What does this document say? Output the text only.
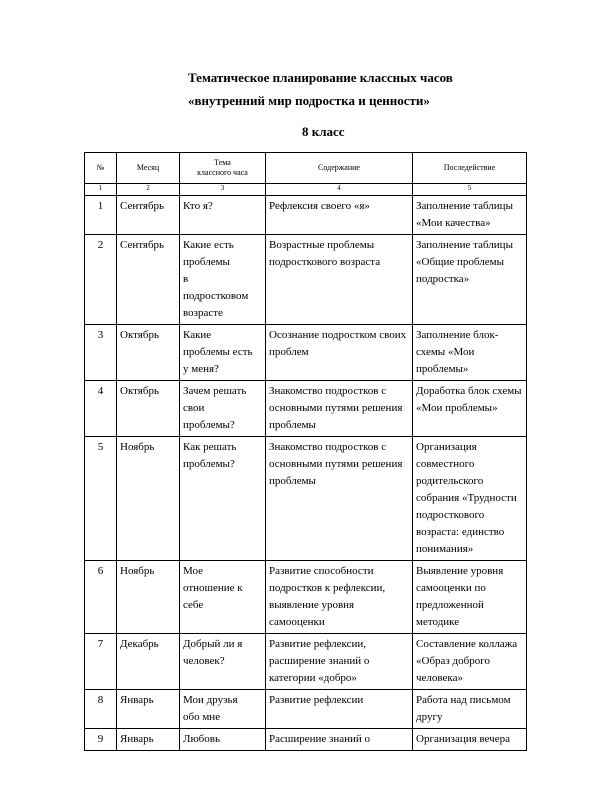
Тематическое планирование классных часов
«внутренний мир подростка и ценности»
8 класс
№	Месяц	Тема
классного часа	Содержание	Последействие
1	2	3	4	5
1	Сентябрь	Кто я?	Рефлексия своего «я»	Заполнение таблицы «Мои качества»
2	Сентябрь	Какие есть
проблемы
в
подростковом
возрасте	Возрастные проблемы подросткового возраста	Заполнение таблицы «Общие проблемы подростка»
3	Октябрь	Какие
проблемы есть
у меня?	Осознание подростком своих проблем	Заполнение блок-схемы «Мои проблемы»
4	Октябрь	Зачем решать
свои
проблемы?	Знакомство подростков с основными путями решения проблемы	Доработка блок схемы «Мои проблемы»
5	Ноябрь	Как решать
проблемы?	Знакомство подростков с основными путями решения проблемы	Организация совместного родительского собрания «Трудности подросткового возраста: единство понимания»
6	Ноябрь	Мое
отношение к
себе	Развитие способности подростков к рефлексии, выявление уровня самооценки	Выявление уровня самооценки по предложенной методике
7	Декабрь	Добрый ли я
человек?	Развитие рефлексии, расширение знаний о категории «добро»	Составление коллажа «Образ доброго человека»
8	Январь	Мои друзья
обо мне	Развитие рефлексии	Работа над письмом другу
9	Январь	Любовь	Расширение знаний о	Организация вечера
